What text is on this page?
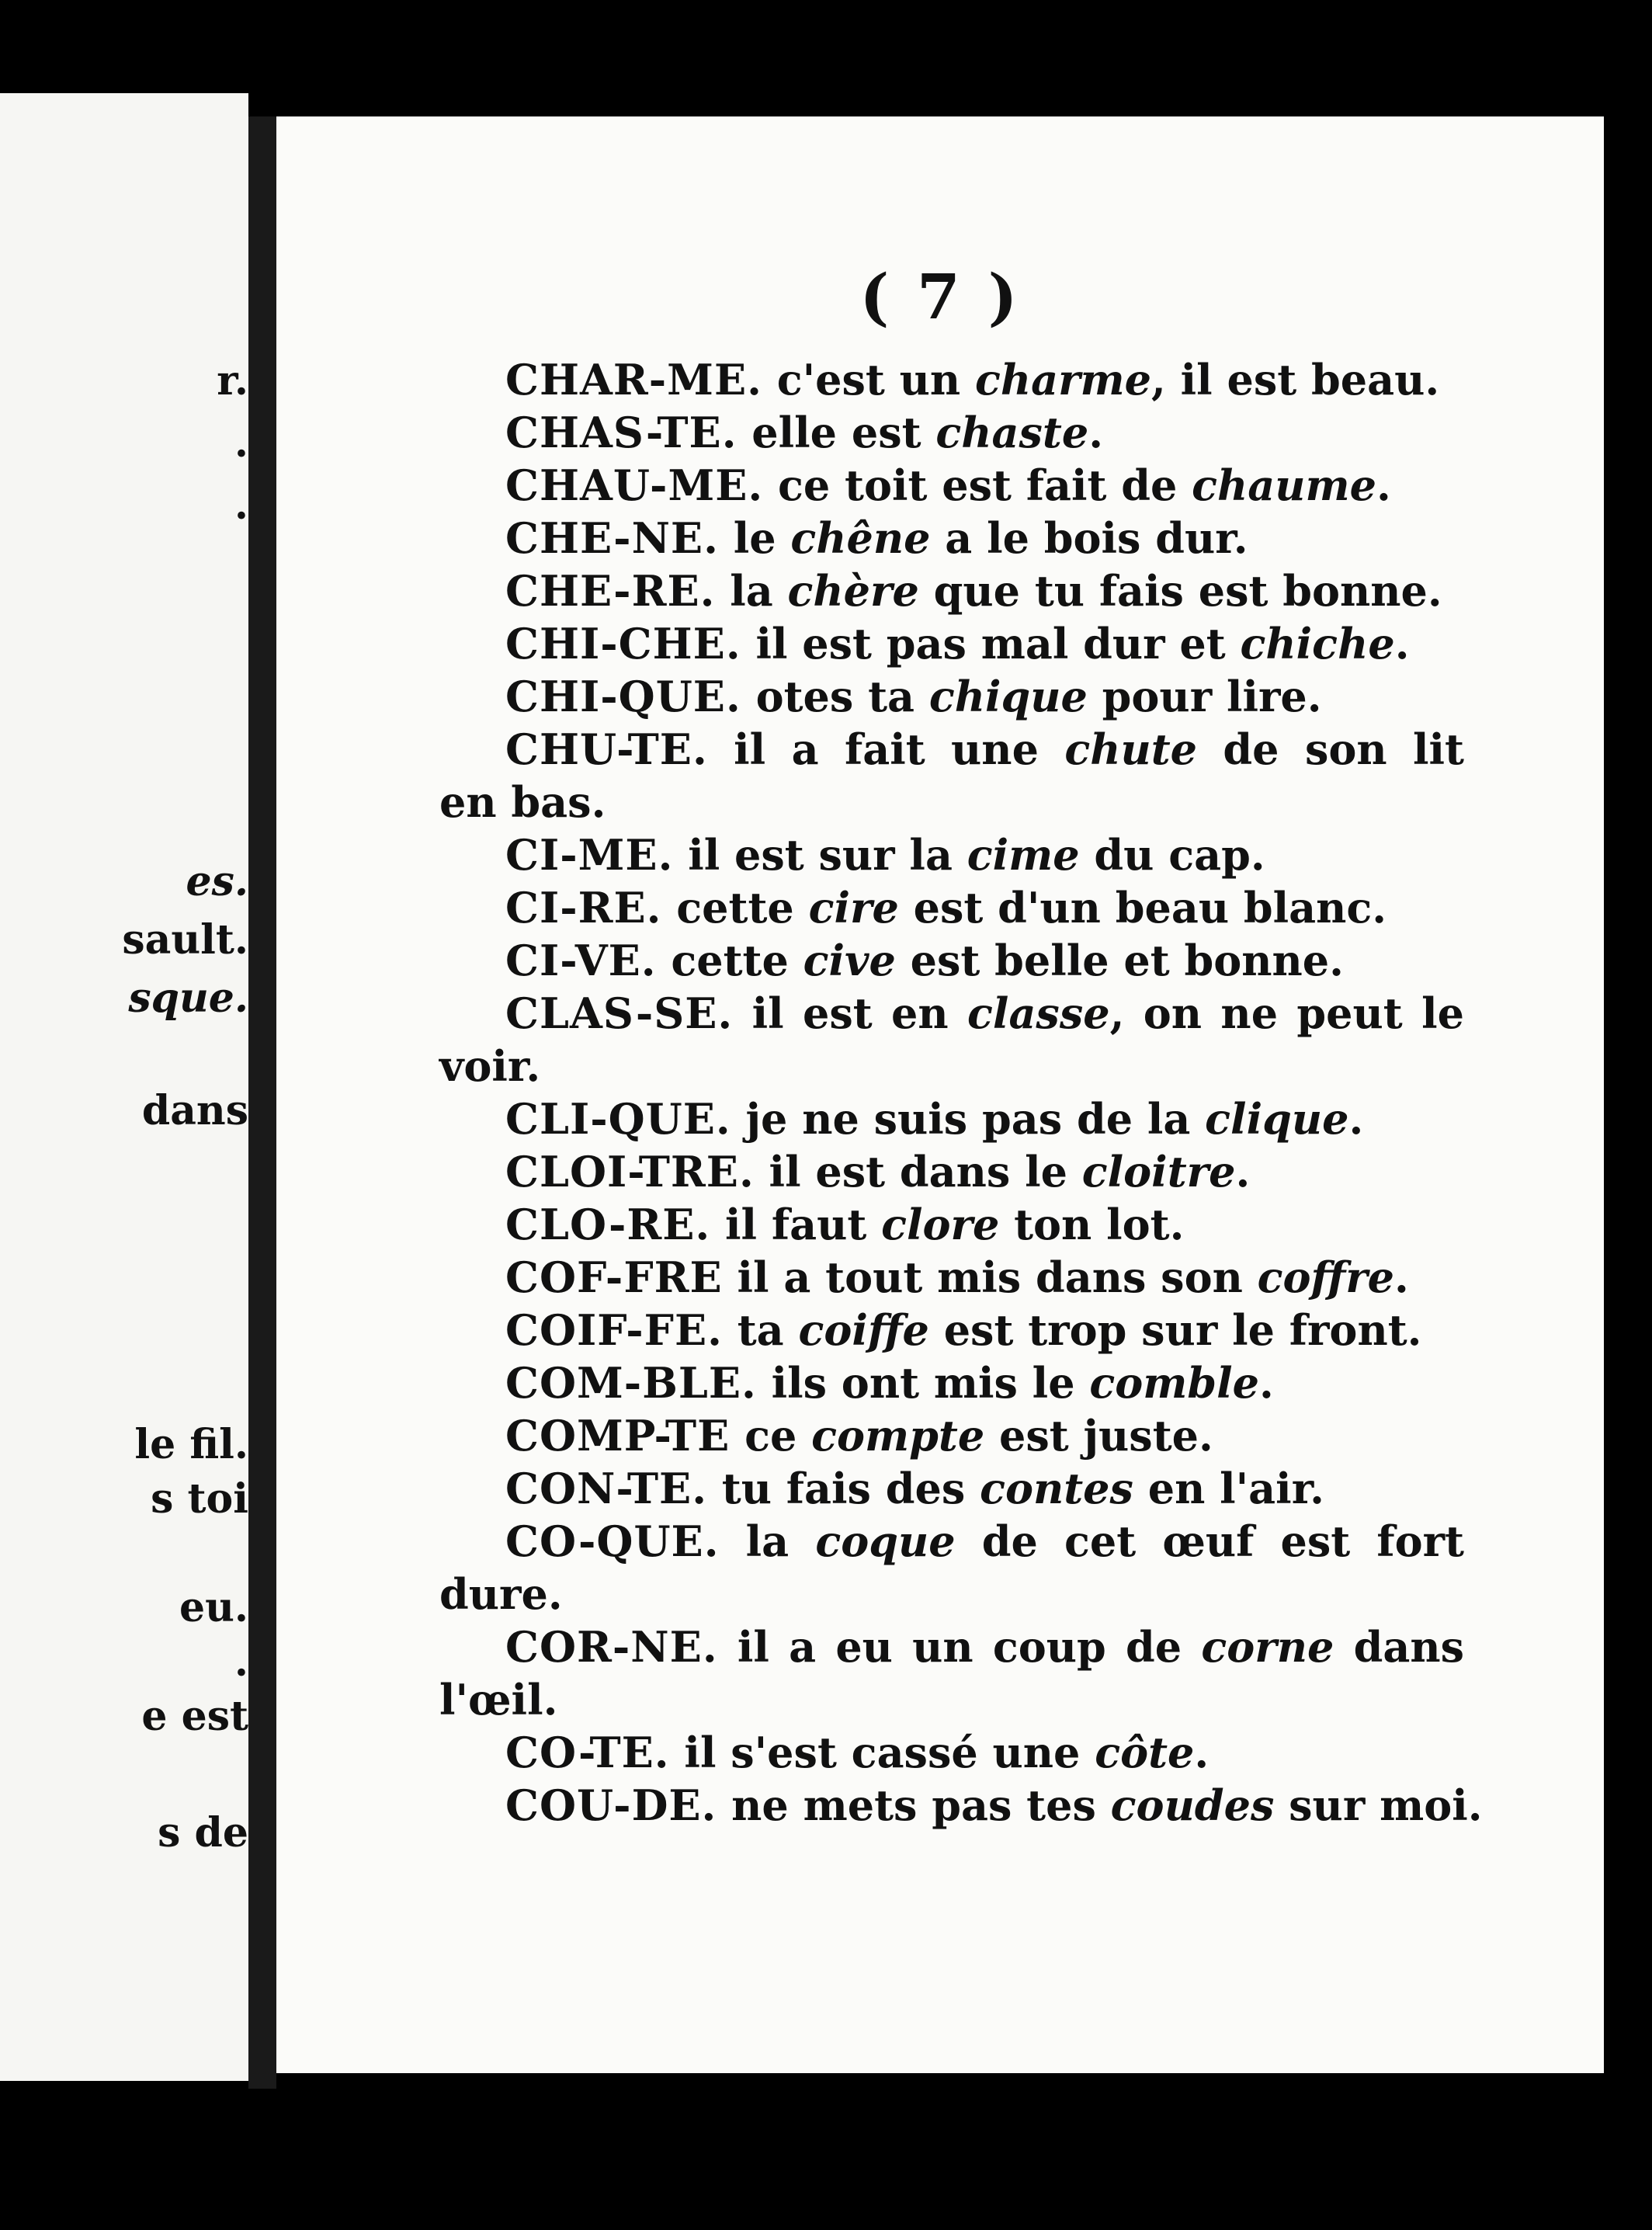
r.
.
.
es.
sault.
sque.
dans
le fil.
s toi
eu.
.
e est
s de
( 7 )
CHAR-ME. c'est un charme, il est beau.
CHAS-TE. elle est chaste.
CHAU-ME. ce toit est fait de chaume.
CHE-NE. le chêne a le bois dur.
CHE-RE. la chère que tu fais est bonne.
CHI-CHE. il est pas mal dur et chiche.
CHI-QUE. otes ta chique pour lire.
CHU-TE. il a fait une chute de son lit
en bas.
CI-ME. il est sur la cime du cap.
CI-RE. cette cire est d'un beau blanc.
CI-VE. cette cive est belle et bonne.
CLAS-SE. il est en classe, on ne peut le
voir.
CLI-QUE. je ne suis pas de la clique.
CLOI-TRE. il est dans le cloitre.
CLO-RE. il faut clore ton lot.
COF-FRE il a tout mis dans son coffre.
COIF-FE. ta coiffe est trop sur le front.
COM-BLE. ils ont mis le comble.
COMP-TE ce compte est juste.
CON-TE. tu fais des contes en l'air.
CO-QUE. la coque de cet œuf est fort
dure.
COR-NE. il a eu un coup de corne dans
l'œil.
CO-TE. il s'est cassé une côte.
COU-DE. ne mets pas tes coudes sur moi.
